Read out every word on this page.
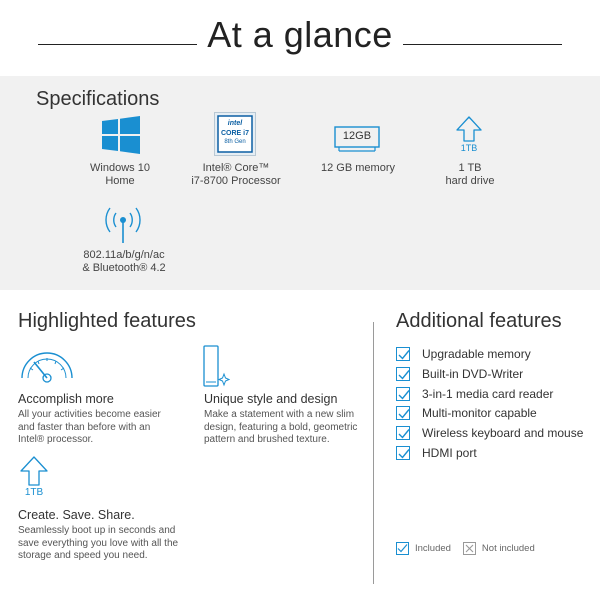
At a glance
Specifications
Windows 10
Home
intel
CORE i7
8th Gen
Intel® Core™
i7-8700 Processor
12GB
12 GB memory
1TB
1 TB
hard drive
802.11a/b/g/n/ac
& Bluetooth® 4.2
Highlighted features
Accomplish more
All your activities become easier
and faster than before with an
Intel® processor.
Unique style and design
Make a statement with a new slim
design, featuring a bold, geometric
pattern and brushed texture.
1TB
Create. Save. Share.
Seamlessly boot up in seconds and
save everything you love with all the
storage and speed you need.
Additional features
Upgradable memory
Built-in DVD-Writer
3-in-1 media card reader
Multi-monitor capable
Wireless keyboard and mouse
HDMI port
Included	Not included
